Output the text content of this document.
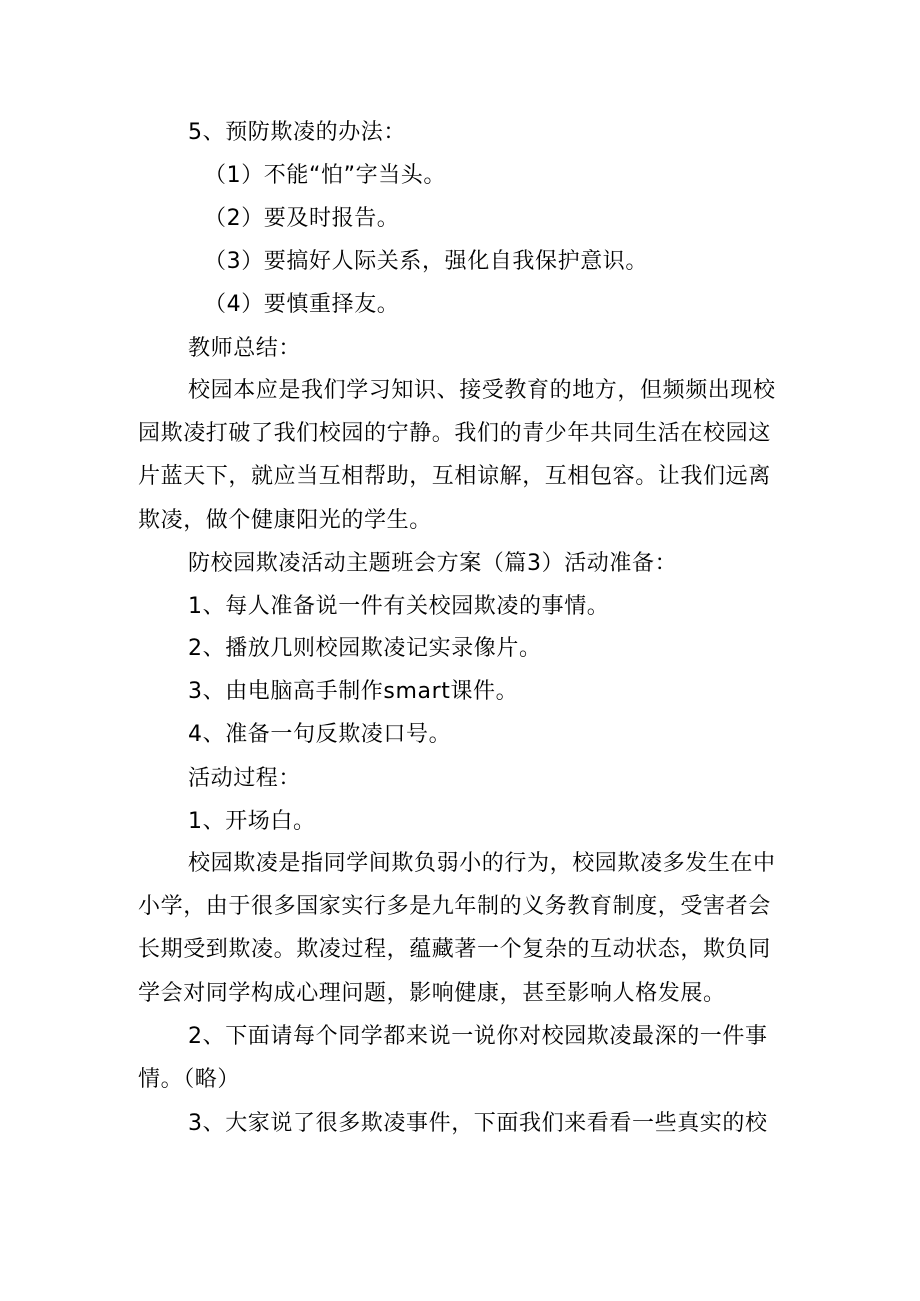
5、预防欺凌的办法：
（1）不能“怕”字当头。
（2）要及时报告。
（3）要搞好人际关系，强化自我保护意识。
（4）要慎重择友。
教师总结：
校园本应是我们学习知识、接受教育的地方，但频频出现校
园欺凌打破了我们校园的宁静。我们的青少年共同生活在校园这
片蓝天下，就应当互相帮助，互相谅解，互相包容。让我们远离
欺凌，做个健康阳光的学生。
防校园欺凌活动主题班会方案（篇3）活动准备：
1、每人准备说一件有关校园欺凌的事情。
2、播放几则校园欺凌记实录像片。
3、由电脑高手制作smart课件。
4、准备一句反欺凌口号。
活动过程：
1、开场白。
校园欺凌是指同学间欺负弱小的行为，校园欺凌多发生在中
小学，由于很多国家实行多是九年制的义务教育制度，受害者会
长期受到欺凌。欺凌过程，蕴藏著一个复杂的互动状态，欺负同
学会对同学构成心理问题，影响健康，甚至影响人格发展。
2、下面请每个同学都来说一说你对校园欺凌最深的一件事
情。（略）
3、大家说了很多欺凌事件，下面我们来看看一些真实的校
